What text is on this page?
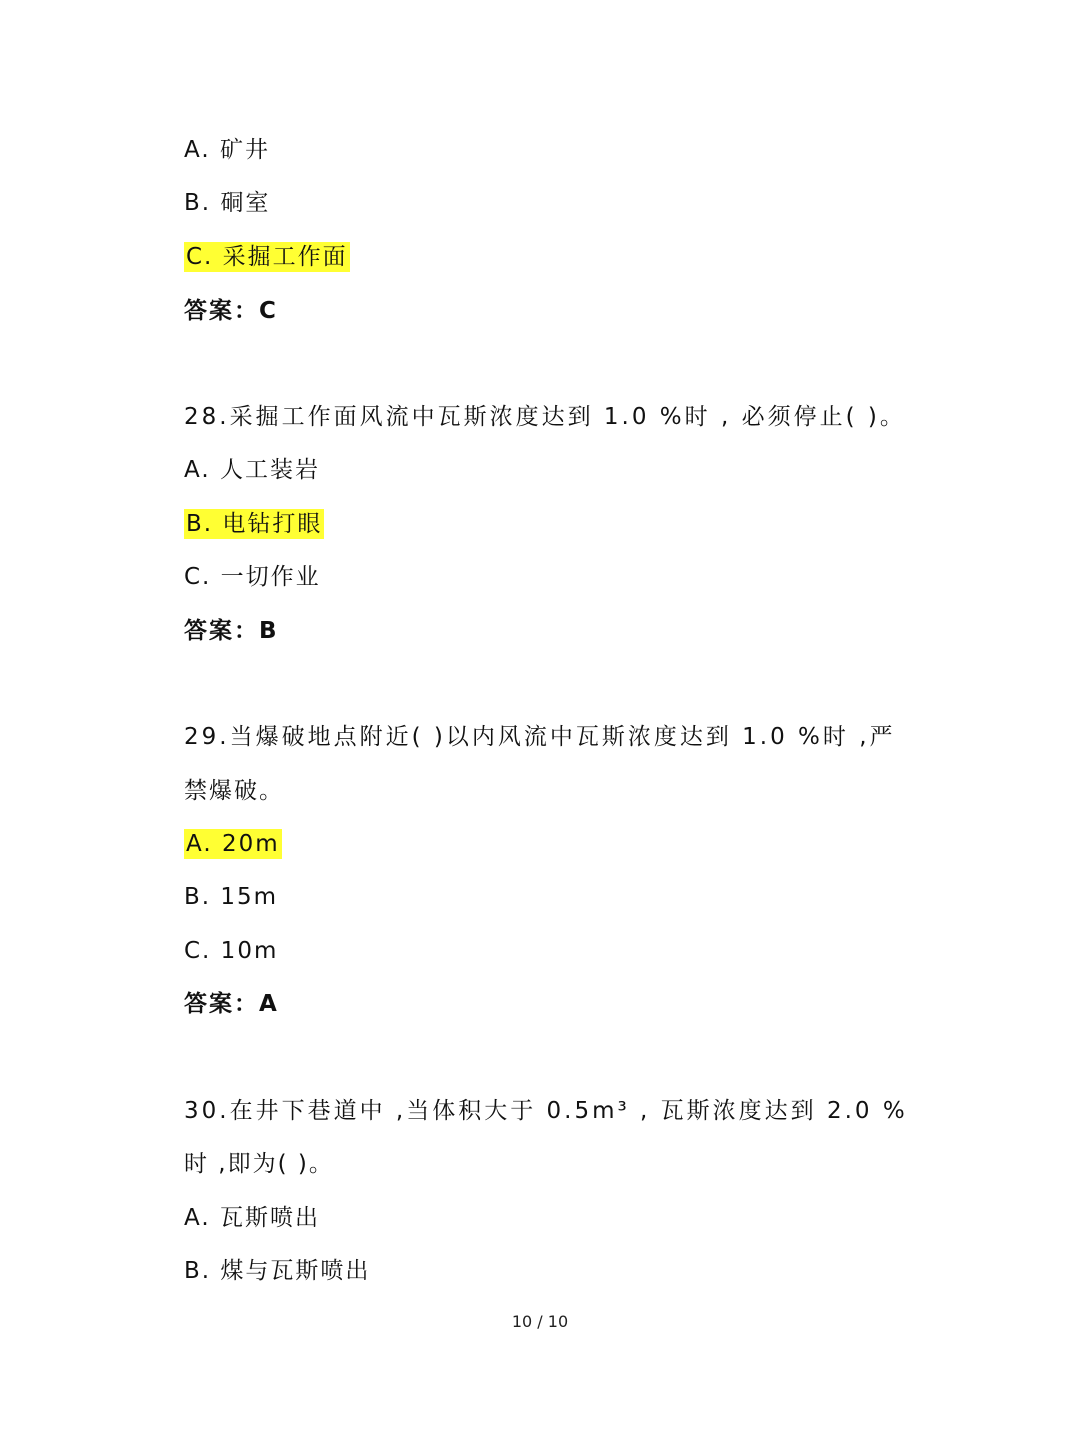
A. 矿井
B. 硐室
C. 采掘工作面
答案：C
28.采掘工作面风流中瓦斯浓度达到 1.0 %时 , 必须停止( )。
A. 人工装岩
B. 电钻打眼
C. 一切作业
答案：B
29.当爆破地点附近( )以内风流中瓦斯浓度达到 1.0 %时 ,严
禁爆破。
A. 20m
B. 15m
C. 10m
答案：A
30.在井下巷道中 ,当体积大于 0.5m³ , 瓦斯浓度达到 2.0 %
时 ,即为( )。
A. 瓦斯喷出
B. 煤与瓦斯喷出
10 / 10
